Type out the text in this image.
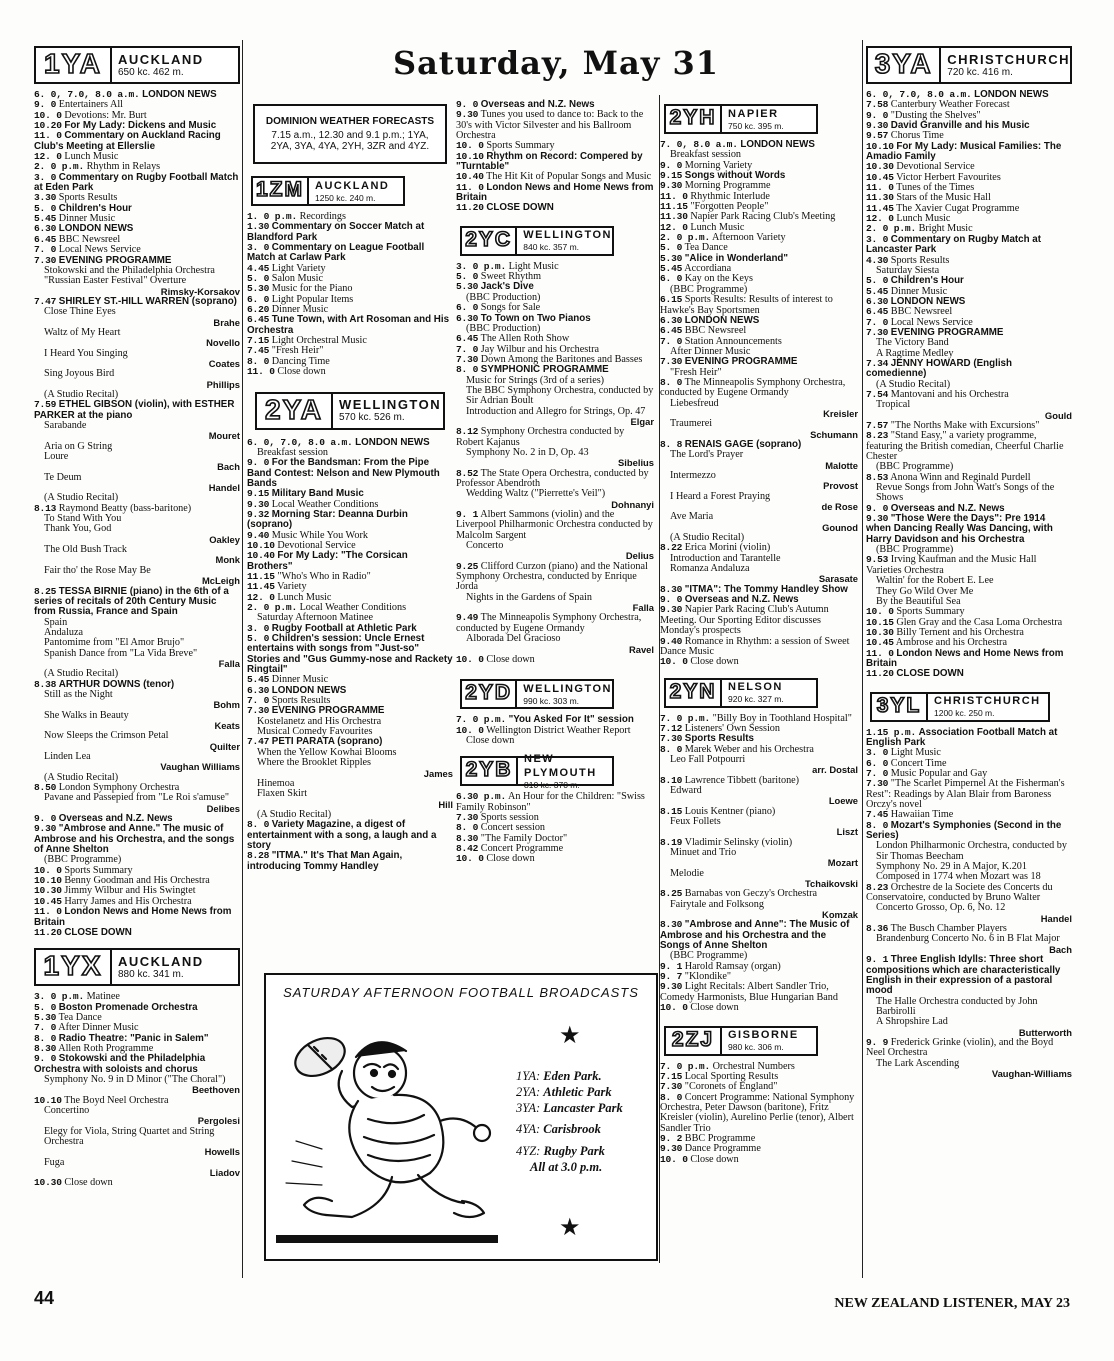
Saturday, May 31
1YA	AUCKLAND
650 kc. 462 m.
6. 0, 7.0, 8.0 a.m. LONDON NEWS
9. 0 Entertainers All
10. 0 Devotions: Mr. Burt
10.20 For My Lady: Dickens and Music
11. 0 Commentary on Auckland Racing Club's Meeting at Ellerslie
12. 0 Lunch Music
2. 0 p.m. Rhythm in Relays
3. 0 Commentary on Rugby Football Match at Eden Park
3.30 Sports Results
5. 0 Children's Hour
5.45 Dinner Music
6.30 LONDON NEWS
6.45 BBC Newsreel
7. 0 Local News Service
7.30 EVENING PROGRAMME
Stokowski and the Philadelphia Orchestra
"Russian Easter Festival" Overture
Rimsky-Korsakov
7.47 SHIRLEY ST.-HILL WARREN (soprano)
Close Thine Eyes
Brahe
Waltz of My Heart
Novello
I Heard You Singing
Coates
Sing Joyous Bird
Phillips
(A Studio Recital)
7.59 ETHEL GIBSON (violin), with ESTHER PARKER at the piano
Sarabande
Mouret
Aria on G String
Loure
Bach
Te Deum
Handel
(A Studio Recital)
8.13 Raymond Beatty (bass-baritone)
To Stand With You
Thank You, God
Oakley
The Old Bush Track
Monk
Fair tho' the Rose May Be
McLeigh
8.25 TESSA BIRNIE (piano) in the 6th of a series of recitals of 20th Century Music from Russia, France and Spain
Spain
Andaluza
Pantomime from "El Amor Brujo"
Spanish Dance from "La Vida Breve"
Falla
(A Studio Recital)
8.38 ARTHUR DOWNS (tenor)
Still as the Night
Bohm
She Walks in Beauty
Keats
Now Sleeps the Crimson Petal
Quilter
Linden Lea
Vaughan Williams
(A Studio Recital)
8.50 London Symphony Orchestra
Pavane and Passepied from "Le Roi s'amuse"
Delibes
9. 0 Overseas and N.Z. News
9.30 "Ambrose and Anne." The music of Ambrose and his Orchestra, and the songs of Anne Shelton
(BBC Programme)
10. 0 Sports Summary
10.10 Benny Goodman and His Orchestra
10.30 Jimmy Wilbur and His Swingtet
10.45 Harry James and His Orchestra
11. 0 London News and Home News from Britain
11.20 CLOSE DOWN
1YX	AUCKLAND
880 kc. 341 m.
3. 0 p.m. Matinee
5. 0 Boston Promenade Orchestra
5.30 Tea Dance
7. 0 After Dinner Music
8. 0 Radio Theatre: "Panic in Salem"
8.30 Allen Roth Programme
9. 0 Stokowski and the Philadelphia Orchestra with soloists and chorus
Symphony No. 9 in D Minor ("The Choral")
Beethoven
10.10 The Boyd Neel Orchestra
Concertino
Pergolesi
Elegy for Viola, String Quartet and String Orchestra
Howells
Fuga
Liadov
10.30 Close down
DOMINION WEATHER FORECASTS
7.15 a.m., 12.30 and 9.1 p.m.; 1YA, 2YA, 3YA, 4YA, 2YH, 3ZR and 4YZ.
1ZM	AUCKLAND
1250 kc. 240 m.
1. 0 p.m. Recordings
1.30 Commentary on Soccer Match at Blandford Park
3. 0 Commentary on League Football Match at Carlaw Park
4.45 Light Variety
5. 0 Salon Music
5.30 Music for the Piano
6. 0 Light Popular Items
6.20 Dinner Music
6.45 Tune Town, with Art Rosoman and His Orchestra
7.15 Light Orchestral Music
7.45 "Fresh Heir"
8. 0 Dancing Time
11. 0 Close down
2YA	WELLINGTON
570 kc. 526 m.
6. 0, 7.0, 8.0 a.m. LONDON NEWS
Breakfast session
9. 0 For the Bandsman: From the Pipe Band Contest: Nelson and New Plymouth Bands
9.15 Military Band Music
9.30 Local Weather Conditions
9.32 Morning Star: Deanna Durbin (soprano)
9.40 Music While You Work
10.10 Devotional Service
10.40 For My Lady: "The Corsican Brothers"
11.15 "Who's Who in Radio"
11.45 Variety
12. 0 Lunch Music
2. 0 p.m. Local Weather Conditions
Saturday Afternoon Matinee
3. 0 Rugby Football at Athletic Park
5. 0 Children's session: Uncle Ernest entertains with songs from "Just-so" Stories and "Gus Gummy-nose and Rackety Ringtail"
5.45 Dinner Music
6.30 LONDON NEWS
7. 0 Sports Results
7.30 EVENING PROGRAMME
Kostelanetz and His Orchestra
Musical Comedy Favourites
7.47 PETI PARATA (soprano)
When the Yellow Kowhai Blooms
Where the Brooklet Ripples
James
Hinemoa
Flaxen Skirt
Hill
(A Studio Recital)
8. 0 Variety Magazine, a digest of entertainment with a song, a laugh and a story
8.28 "ITMA." It's That Man Again, introducing Tommy Handley
9. 0 Overseas and N.Z. News
9.30 Tunes you used to dance to: Back to the 30's with Victor Silvester and his Ballroom Orchestra
10. 0 Sports Summary
10.10 Rhythm on Record: Compered by "Turntable"
10.40 The Hit Kit of Popular Songs and Music
11. 0 London News and Home News from Britain
11.20 CLOSE DOWN
2YC	WELLINGTON
840 kc. 357 m.
3. 0 p.m. Light Music
5. 0 Sweet Rhythm
5.30 Jack's Dive
(BBC Production)
6. 0 Songs for Sale
6.30 To Town on Two Pianos
(BBC Production)
6.45 The Allen Roth Show
7. 0 Jay Wilbur and his Orchestra
7.30 Down Among the Baritones and Basses
8. 0 SYMPHONIC PROGRAMME
Music for Strings (3rd of a series)
The BBC Symphony Orchestra, conducted by Sir Adrian Boult
Introduction and Allegro for Strings, Op. 47
Elgar
8.12 Symphony Orchestra conducted by Robert Kajanus
Symphony No. 2 in D, Op. 43
Sibelius
8.52 The State Opera Orchestra, conducted by Professor Abendroth
Wedding Waltz ("Pierrette's Veil")
Dohnanyi
9. 1 Albert Sammons (violin) and the Liverpool Philharmonic Orchestra conducted by Malcolm Sargent
Concerto
Delius
9.25 Clifford Curzon (piano) and the National Symphony Orchestra, conducted by Enrique Jorda
Nights in the Gardens of Spain
Falla
9.49 The Minneapolis Symphony Orchestra, conducted by Eugene Ormandy
Alborada Del Gracioso
Ravel
10. 0 Close down
2YD	WELLINGTON
990 kc. 303 m.
7. 0 p.m. "You Asked For It" session
10. 0 Wellington District Weather Report
Close down
2YB	NEW PLYMOUTH
810 kc. 370 m.
6.30 p.m. An Hour for the Children: "Swiss Family Robinson"
7.30 Sports session
8. 0 Concert session
8.30 "The Family Doctor"
8.42 Concert Programme
10. 0 Close down
2YH	NAPIER
750 kc. 395 m.
7. 0, 8.0 a.m. LONDON NEWS
Breakfast session
9. 0 Morning Variety
9.15 Songs without Words
9.30 Morning Programme
11. 0 Rhythmic Interlude
11.15 "Forgotten People"
11.30 Napier Park Racing Club's Meeting
12. 0 Lunch Music
2. 0 p.m. Afternoon Variety
5. 0 Tea Dance
5.30 "Alice in Wonderland"
5.45 Accordiana
6. 0 Kay on the Keys
(BBC Programme)
6.15 Sports Results: Results of interest to Hawke's Bay Sportsmen
6.30 LONDON NEWS
6.45 BBC Newsreel
7. 0 Station Announcements
After Dinner Music
7.30 EVENING PROGRAMME
"Fresh Heir"
8. 0 The Minneapolis Symphony Orchestra, conducted by Eugene Ormandy
Liebesfreud
Kreisler
Traumerei
Schumann
8. 8 RENAIS GAGE (soprano)
The Lord's Prayer
Malotte
Intermezzo
Provost
I Heard a Forest Praying
de Rose
Ave Maria
Gounod
(A Studio Recital)
8.22 Erica Morini (violin)
Introduction and Tarantelle
Romanza Andaluza
Sarasate
8.30 "ITMA": The Tommy Handley Show
9. 0 Overseas and N.Z. News
9.30 Napier Park Racing Club's Autumn Meeting. Our Sporting Editor discusses Monday's prospects
9.40 Romance in Rhythm: a session of Sweet Dance Music
10. 0 Close down
2YN	NELSON
920 kc. 327 m.
7. 0 p.m. "Billy Boy in Toothland Hospital"
7.12 Listeners' Own Session
7.30 Sports Results
8. 0 Marek Weber and his Orchestra
Leo Fall Potpourri
arr. Dostal
8.10 Lawrence Tibbett (baritone)
Edward
Loewe
8.15 Louis Kentner (piano)
Feux Follets
Liszt
8.19 Vladimir Selinsky (violin)
Minuet and Trio
Mozart
Melodie
Tchaikovski
8.25 Barnabas von Geczy's Orchestra
Fairytale and Folksong
Komzak
8.30 "Ambrose and Anne": The Music of Ambrose and his Orchestra and the Songs of Anne Shelton
(BBC Programme)
9. 1 Harold Ramsay (organ)
9. 7 "Klondike"
9.30 Light Recitals: Albert Sandler Trio, Comedy Harmonists, Blue Hungarian Band
10. 0 Close down
2ZJ	GISBORNE
980 kc. 306 m.
7. 0 p.m. Orchestral Numbers
7.15 Local Sporting Results
7.30 "Coronets of England"
8. 0 Concert Programme: National Symphony Orchestra, Peter Dawson (baritone), Fritz Kreisler (violin), Aurelino Perlie (tenor), Albert Sandler Trio
9. 2 BBC Programme
9.30 Dance Programme
10. 0 Close down
3YA	CHRISTCHURCH
720 kc. 416 m.
6. 0, 7.0, 8.0 a.m. LONDON NEWS
7.58 Canterbury Weather Forecast
9. 0 "Dusting the Shelves"
9.30 David Granville and his Music
9.57 Chorus Time
10.10 For My Lady: Musical Families: The Amadio Family
10.30 Devotional Service
10.45 Victor Herbert Favourites
11. 0 Tunes of the Times
11.30 Stars of the Music Hall
11.45 The Xavier Cugat Programme
12. 0 Lunch Music
2. 0 p.m. Bright Music
3. 0 Commentary on Rugby Match at Lancaster Park
4.30 Sports Results
Saturday Siesta
5. 0 Children's Hour
5.45 Dinner Music
6.30 LONDON NEWS
6.45 BBC Newsreel
7. 0 Local News Service
7.30 EVENING PROGRAMME
The Victory Band
A Ragtime Medley
7.34 JENNY HOWARD (English comedienne)
(A Studio Recital)
7.54 Mantovani and his Orchestra
Tropical
Gould
7.57 "The Norths Make with Excursions"
8.23 "Stand Easy," a variety programme, featuring the British comedian, Cheerful Charlie Chester
(BBC Programme)
8.53 Anona Winn and Reginald Purdell
Revue Songs from John Watt's Songs of the Shows
9. 0 Overseas and N.Z. News
9.30 "Those Were the Days": Pre 1914 when Dancing Really Was Dancing, with Harry Davidson and his Orchestra
(BBC Programme)
9.53 Irving Kaufman and the Music Hall Varieties Orchestra
Waltin' for the Robert E. Lee
They Go Wild Over Me
By the Beautiful Sea
10. 0 Sports Summary
10.15 Glen Gray and the Casa Loma Orchestra
10.30 Billy Ternent and his Orchestra
10.45 Ambrose and his Orchestra
11. 0 London News and Home News from Britain
11.20 CLOSE DOWN
3YL	CHRISTCHURCH
1200 kc. 250 m.
1.15 p.m. Association Football Match at English Park
3. 0 Light Music
6. 0 Concert Time
7. 0 Music Popular and Gay
7.30 "The Scarlet Pimpernel At the Fisherman's Rest": Readings by Alan Blair from Baroness Orczy's novel
7.45 Hawaiian Time
8. 0 Mozart's Symphonies (Second in the Series)
London Philharmonic Orchestra, conducted by Sir Thomas Beecham
Symphony No. 29 in A Major, K.201
Composed in 1774 when Mozart was 18
8.23 Orchestre de la Societe des Concerts du Conservatoire, conducted by Bruno Walter
Concerto Grosso, Op. 6, No. 12
Handel
8.36 The Busch Chamber Players
Brandenburg Concerto No. 6 in B Flat Major
Bach
9. 1 Three English Idylls: Three short compositions which are characteristically English in their expression of a pastoral mood
The Halle Orchestra conducted by John Barbirolli
A Shropshire Lad
Butterworth
9. 9 Frederick Grinke (violin), and the Boyd Neel Orchestra
The Lark Ascending
Vaughan-Williams
SATURDAY AFTERNOON FOOTBALL BROADCASTS
★
1YA: Eden Park.
2YA: Athletic Park
3YA: Lancaster Park
4YA: Carisbrook
4YZ: Rugby Park
All at 3.0 p.m.
★
44	NEW ZEALAND LISTENER, MAY 23
